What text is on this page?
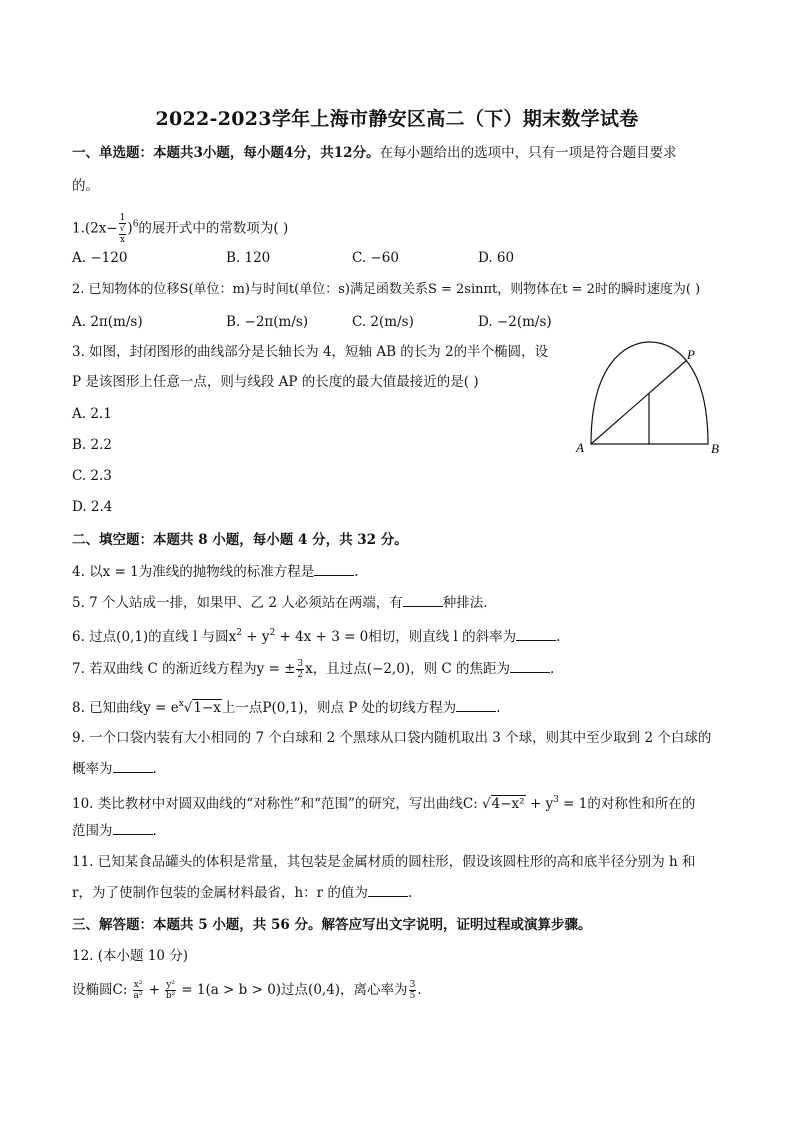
2022-2023学年上海市静安区高二（下）期末数学试卷
一、单选题：本题共3小题，每小题4分，共12分。在每小题给出的选项中，只有一项是符合题目要求
的。
1.(2x− 1
√
x )$^6$的展开式中的常数项为( )
A. −120	B. 120	C. −60	D. 60
2. 已知物体的位移S(单位：m)与时间t(单位：s)满足函数关系S = 2sinπt，则物体在t = 2时的瞬时速度为( )
A. 2π(m/s)	B. −2π(m/s)	C. 2(m/s)	D. −2(m/s)
3. 如图，封闭图形的曲线部分是长轴长为 4，短轴 AB 的长为 2的半个椭圆，设
P 是该图形上任意一点，则与线段 AP 的长度的最大值最接近的是( )
A. 2.1
B. 2.2
C. 2.3
D. 2.4
A	B
P
二、填空题：本题共 8 小题，每小题 4 分，共 32 分。
4. 以x = 1为准线的抛物线的标准方程是	.
5. 7 个人站成一排，如果甲、乙 2 人必须站在两端，有	种排法.
6. 过点(0,1)的直线 l 与圆$x^2 + y^2 + 4x + 3 = 0$相切，则直线 l 的斜率为	.
7. 若双曲线 C 的渐近线方程为y = ± $\frac{3}{2}$ x，且过点(−2,0)，则 C 的焦距为	.
8. 已知曲线$y = e^x√1-x$上一点P(0,1)，则点 P 处的切线方程为	.
9. 一个口袋内装有大小相同的 7 个白球和 2 个黑球从口袋内随机取出 3 个球，则其中至少取到 2 个白球的
概率为	.
10. 类比教材中对圆双曲线的“对称性”和“范围”的研究，写出曲线C: $√4-x^2 + y^3 = 1$的对称性和所在的
范围为	.
11. 已知某食品罐头的体积是常量，其包装是金属材质的圆柱形，假设该圆柱形的高和底半径分别为 h 和
r，为了使制作包装的金属材料最省，h：r 的值为	.
三、解答题：本题共 5 小题，共 56 分。解答应写出文字说明，证明过程或演算步骤。
12. (本小题 10 分)
设椭圆C: $\frac{\text{x²}}{\text{a²}} + \frac{\text{y²}}{\text{b²}} = 1(a > b > 0)$过点(0,4)，离心率为 $\frac{3}{5}$ .
